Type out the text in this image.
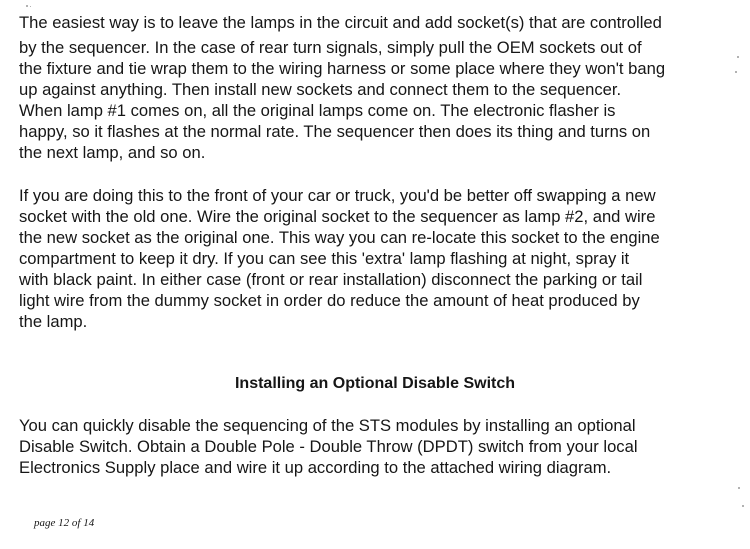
The easiest way is to leave the lamps in the circuit and add socket(s) that are controlled
by the sequencer. In the case of rear turn signals, simply pull the OEM sockets out of
the fixture and tie wrap them to the wiring harness or some place where they won't bang
up against anything. Then install new sockets and connect them to the sequencer.
When lamp #1 comes on, all the original lamps come on. The electronic flasher is
happy, so it flashes at the normal rate. The sequencer then does its thing and turns on
the next lamp, and so on.
If you are doing this to the front of your car or truck, you'd be better off swapping a new
socket with the old one. Wire the original socket to the sequencer as lamp #2, and wire
the new socket as the original one. This way you can re-locate this socket to the engine
compartment to keep it dry. If you can see this 'extra' lamp flashing at night, spray it
with black paint. In either case (front or rear installation) disconnect the parking or tail
light wire from the dummy socket in order do reduce the amount of heat produced by
the lamp.
Installing an Optional Disable Switch
You can quickly disable the sequencing of the STS modules by installing an optional
Disable Switch. Obtain a Double Pole - Double Throw (DPDT) switch from your local
Electronics Supply place and wire it up according to the attached wiring diagram.
page 12 of 14
